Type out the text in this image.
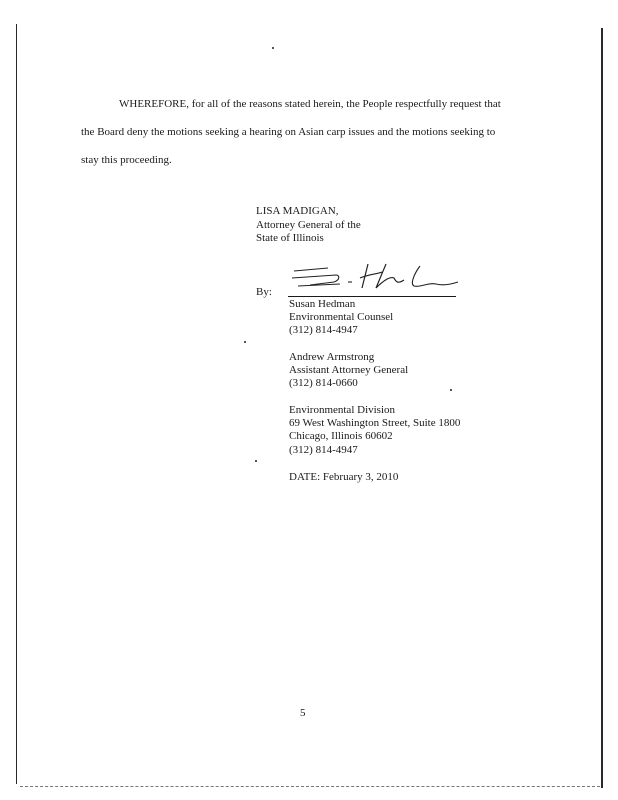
WHEREFORE, for all of the reasons stated herein, the People respectfully request that
the Board deny the motions seeking a hearing on Asian carp issues and the motions seeking to
stay this proceeding.
LISA MADIGAN,
Attorney General of the
State of Illinois
By:
Susan Hedman
Environmental Counsel
(312) 814-4947
Andrew Armstrong
Assistant Attorney General
(312) 814-0660
Environmental Division
69 West Washington Street, Suite 1800
Chicago, Illinois 60602
(312) 814-4947
DATE: February 3, 2010
5
